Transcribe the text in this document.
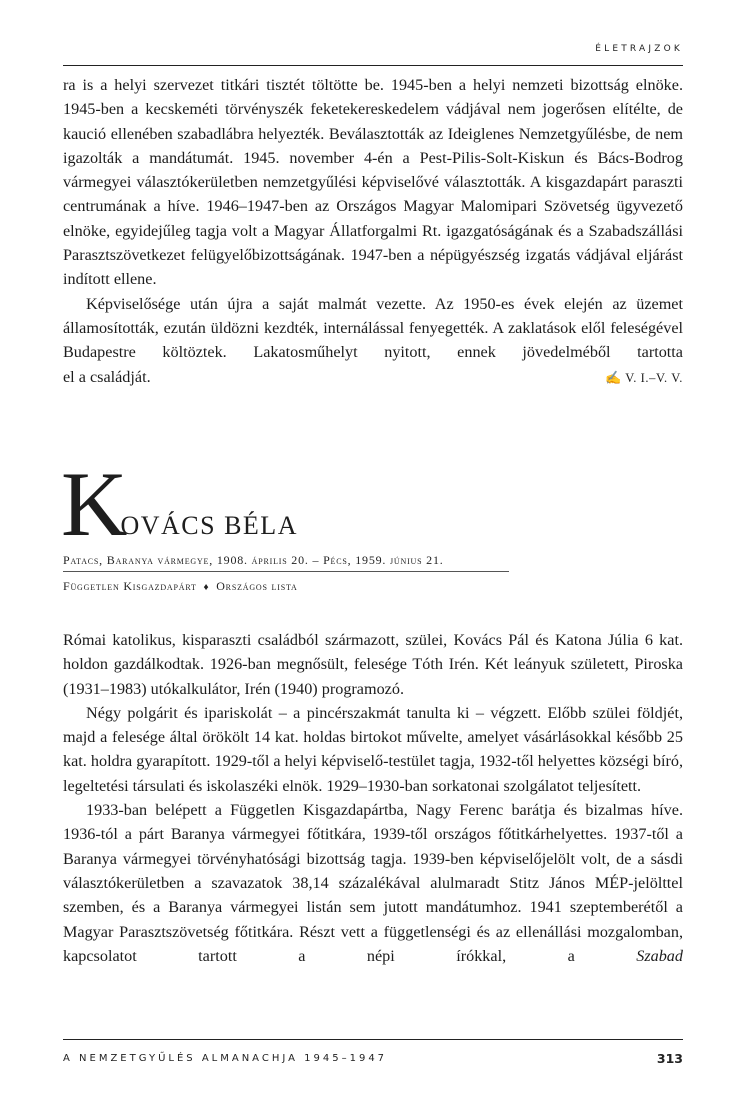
ÉLETRAJZOK

ra is a helyi szervezet titkári tisztét töltötte be. 1945-ben a helyi nemzeti bizottság elnöke. 1945-ben a kecskeméti törvényszék feketekereskedelem vádjával nem jogerősen elítélte, de kaució ellenében szabadlábra helyezték. Beválasztották az Ideiglenes Nemzetgyűlésbe, de nem igazolták a mandátumát. 1945. november 4-én a Pest-Pilis-Solt-Kiskun és Bács-Bodrog vármegyei választókerületben nemzetgyűlési képviselővé választották. A kisgazdapárt paraszti centrumának a híve. 1946–1947-ben az Országos Magyar Malomipari Szövetség ügyvezető elnöke, egyidejűleg tagja volt a Magyar Állatforgalmi Rt. igazgatóságának és a Szabadszállási Parasztszövetkezet felügyelőbizottságának. 1947-ben a népügyészség izgatás vádjával eljárást indított ellene.

Képviselősége után újra a saját malmát vezette. Az 1950-es évek elején az üzemet államosították, ezután üldözni kezdték, internálással fenyegették. A zaklatások elől feleségével Budapestre költöztek. Lakatosműhelyt nyitott, ennek jövedelméből tartotta

el a családját.	✍ V. I.–V. V.
K
OVÁCS BÉLA
Patacs, Baranya vármegye, 1908. április 20. – Pécs, 1959. június 21.
Független Kisgazdapárt ♦ Országos lista

Római katolikus, kisparaszti családból származott, szülei, Kovács Pál és Katona Júlia 6 kat. holdon gazdálkodtak. 1926-ban megnősült, felesége Tóth Irén. Két leányuk született, Piroska (1931–1983) utókalkulátor, Irén (1940) programozó.

Négy polgárit és ipariskolát – a pincérszakmát tanulta ki – végzett. Előbb szülei földjét, majd a felesége által örökölt 14 kat. holdas birtokot művelte, amelyet vásárlásokkal később 25 kat. holdra gyarapított. 1929-től a helyi képviselő-testület tagja, 1932-től helyettes községi bíró, legeltetési társulati és iskolaszéki elnök. 1929–1930-ban sorkatonai szolgálatot teljesített.

1933-ban belépett a Független Kisgazdapártba, Nagy Ferenc barátja és bizalmas híve. 1936-tól a párt Baranya vármegyei főtitkára, 1939-től országos főtitkárhelyettes. 1937-től a Baranya vármegyei törvényhatósági bizottság tagja. 1939-ben képviselőjelölt volt, de a sásdi választókerületben a szavazatok 38,14 százalékával alulmaradt Stitz János MÉP-jelölttel szemben, és a Baranya vármegyei listán sem jutott mandátumhoz. 1941 szeptemberétől a Magyar Parasztszövetség főtitkára. Részt vett a függetlenségi és az ellenállási mozgalomban, kapcsolatot tartott a népi írókkal, a	Szabad

A NEMZETGYŰLÉS ALMANACHJA 1945–1947	313
